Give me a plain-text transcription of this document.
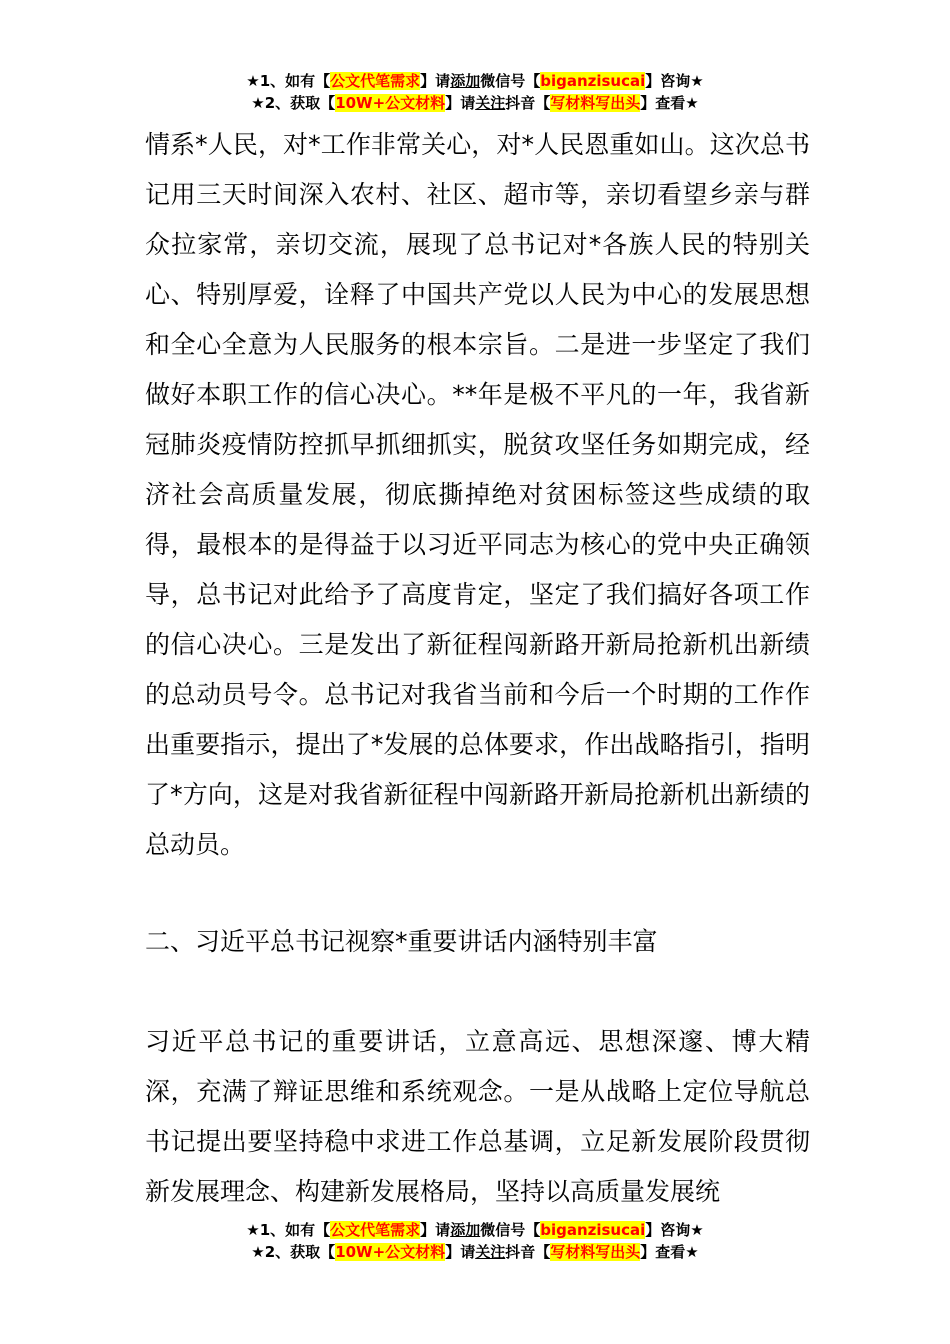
★1、如有【公文代笔需求】请添加微信号【biganzisucai】咨询★
★2、获取【10W+公文材料】请关注抖音【写材料写出头】查看★

情系*人民，对*工作非常关心，对*人民恩重如山。这次总书记用三天时间深入农村、社区、超市等，亲切看望乡亲与群众拉家常，亲切交流，展现了总书记对*各族人民的特别关心、特别厚爱，诠释了中国共产党以人民为中心的发展思想和全心全意为人民服务的根本宗旨。二是进一步坚定了我们做好本职工作的信心决心。**年是极不平凡的一年，我省新冠肺炎疫情防控抓早抓细抓实，脱贫攻坚任务如期完成，经济社会高质量发展，彻底撕掉绝对贫困标签这些成绩的取得，最根本的是得益于以习近平同志为核心的党中央正确领导，总书记对此给予了高度肯定，坚定了我们搞好各项工作的信心决心。三是发出了新征程闯新路开新局抢新机出新绩的总动员号令。总书记对我省当前和今后一个时期的工作作出重要指示，提出了*发展的总体要求，作出战略指引，指明了*方向，这是对我省新征程中闯新路开新局抢新机出新绩的总动员。

二、习近平总书记视察*重要讲话内涵特别丰富

习近平总书记的重要讲话，立意高远、思想深邃、博大精深，充满了辩证思维和系统观念。一是从战略上定位导航总书记提出要坚持稳中求进工作总基调，立足新发展阶段贯彻新发展理念、构建新发展格局，坚持以高质量发展统

★1、如有【公文代笔需求】请添加微信号【biganzisucai】咨询★
★2、获取【10W+公文材料】请关注抖音【写材料写出头】查看★
